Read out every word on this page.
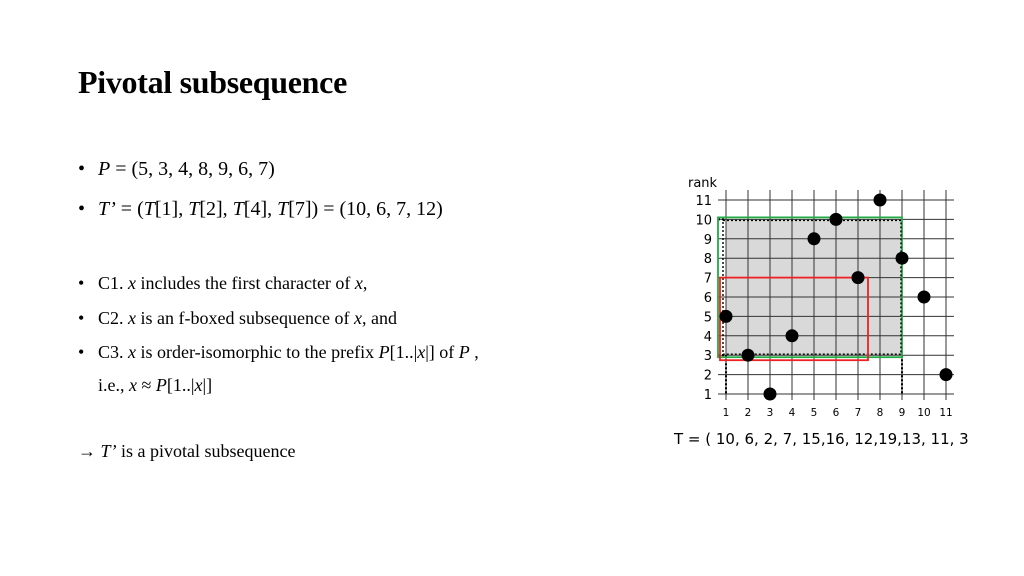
Pivotal subsequence
• P = (5, 3, 4, 8, 9, 6, 7)
• T’ = (T[1], T[2], T[4], T[7]) = (10, 6, 7, 12)
• C1. x includes the first character of x,
• C2. x is an f-boxed subsequence of x, and
• C3. x is order-isomorphic to the prefix P[1..|x|] of P ,
i.e., x ≈ P[1..|x|]
→ T’ is a pivotal subsequence
rank
T = ( 10, 6, 2, 7, 15,16, 12,19,13, 11, 3 )
1
2
3
4
5
6
7
8
9
10
11
1 2 3 4 5 6 7 8 9 10 11
